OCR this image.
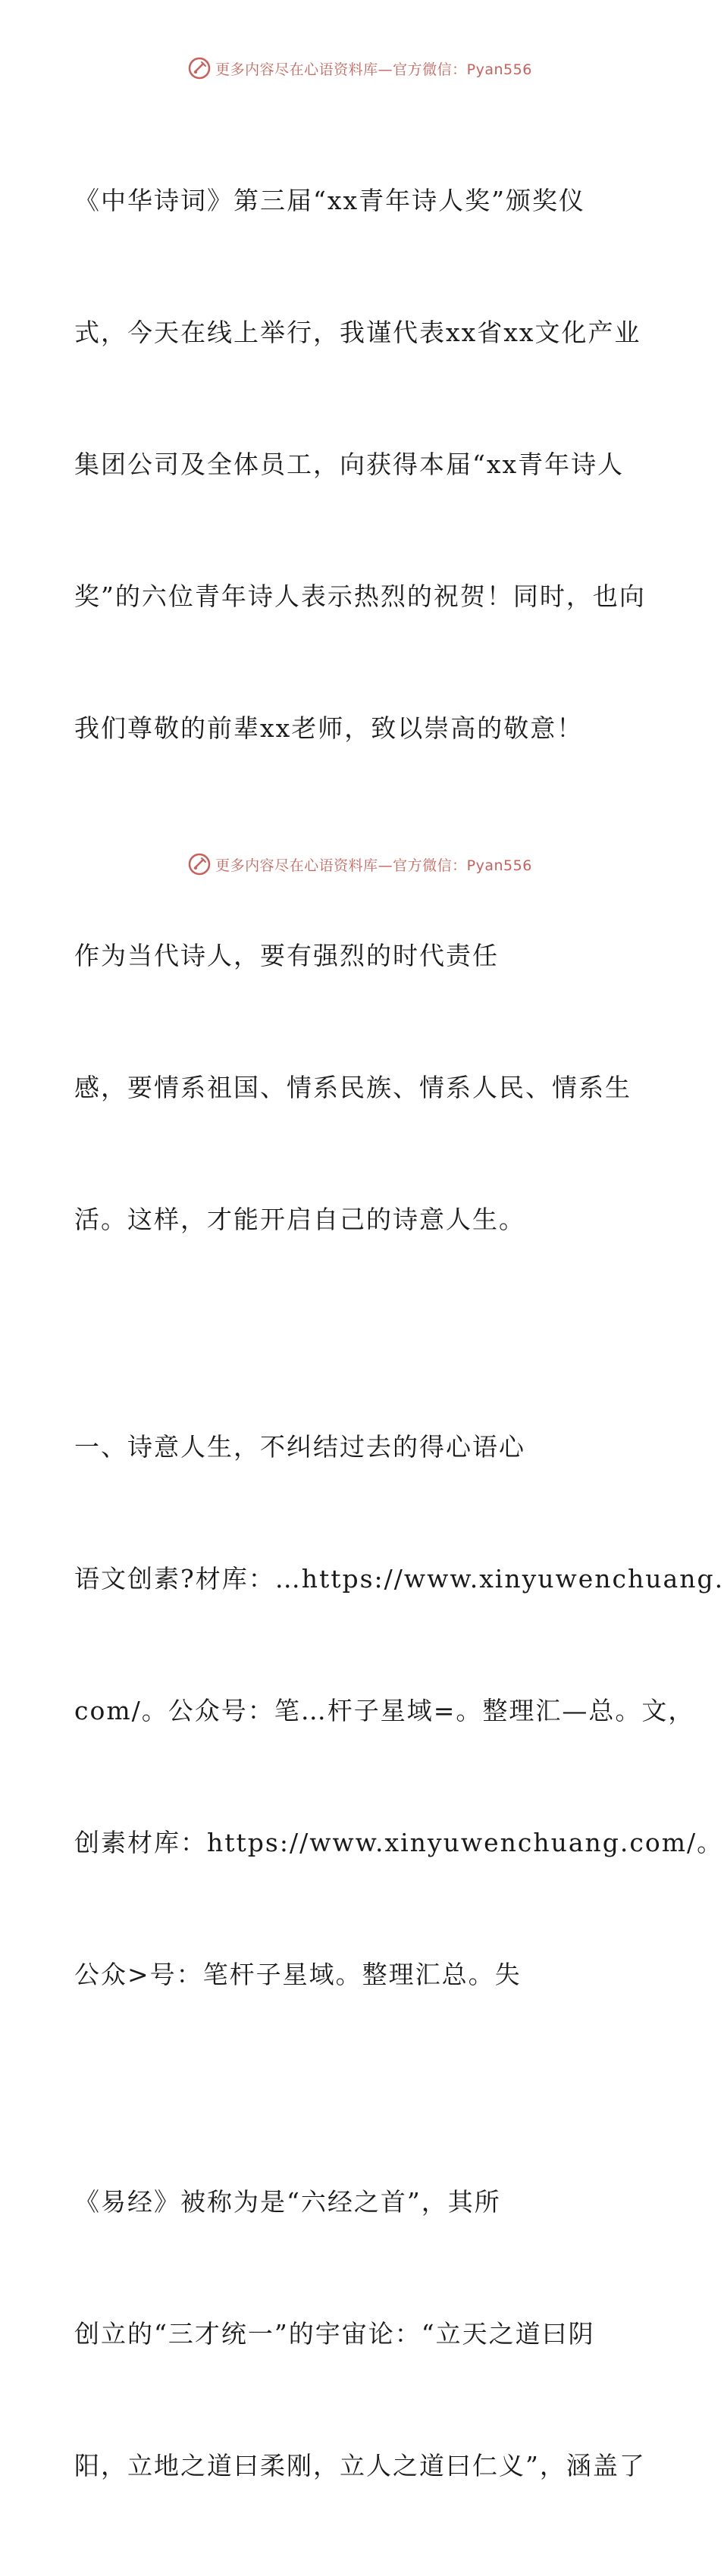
更多内容尽在心语资料库—官方微信：Pyan556

《中华诗词》第三届“xx青年诗人奖”颁奖仪

式，今天在线上举行，我谨代表xx省xx文化产业

集团公司及全体员工，向获得本届“xx青年诗人

奖”的六位青年诗人表示热烈的祝贺！同时，也向

我们尊敬的前辈xx老师，致以崇高的敬意！

作为当代诗人，要有强烈的时代责任

感，要情系祖国、情系民族、情系人民、情系生

活。这样，才能开启自己的诗意人生。

一、诗意人生，不纠结过去的得心语心

语文创素?材库：…https://www.xinyuwenchuang.

com/。公众号：笔…杆子星域=。整理汇—总。文，

创素材库：https://www.xinyuwenchuang.com/。

公众>号：笔杆子星域。整理汇总。失

《易经》被称为是“六经之首”，其所

创立的“三才统一”的宇宙论：“立天之道曰阴

阳，立地之道曰柔刚，立人之道曰仁义”，涵盖了

更多内容尽在心语资料库—官方微信：Pyan556
